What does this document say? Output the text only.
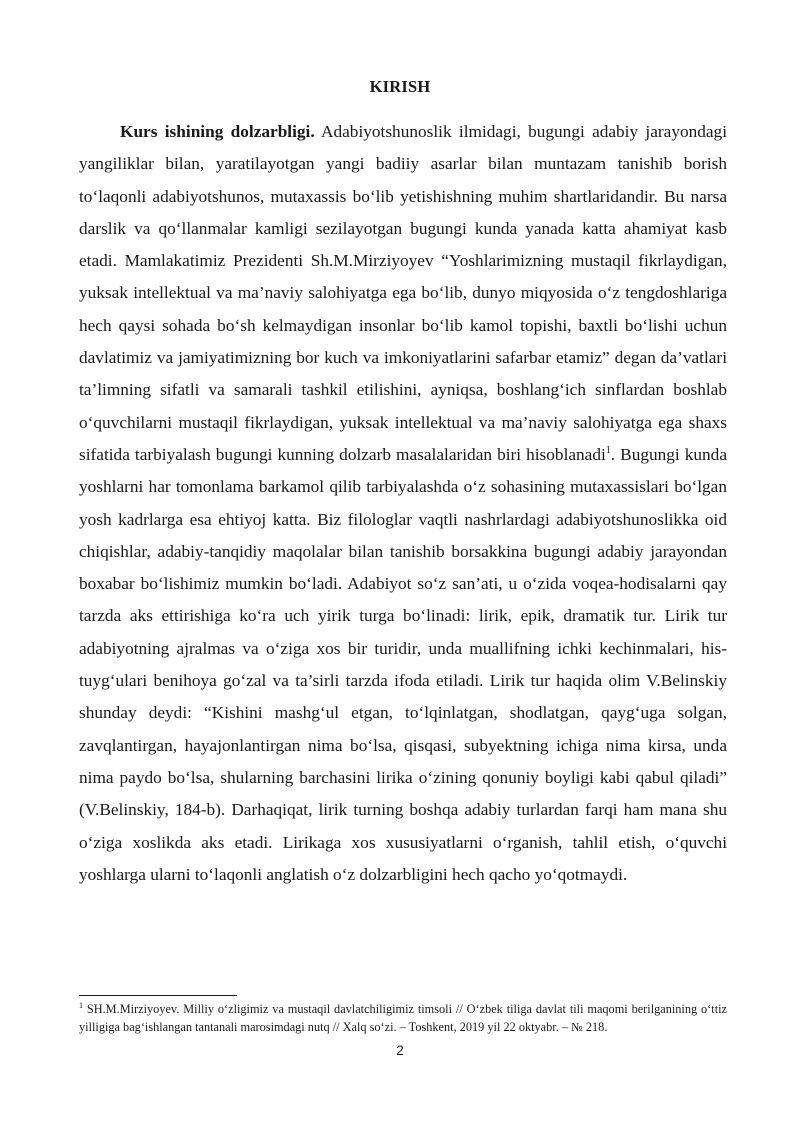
KIRISH

Kurs ishining dolzarbligi. Adabiyotshunoslik ilmidagi, bugungi adabiy jarayondagi yangiliklar bilan, yaratilayotgan yangi badiiy asarlar bilan muntazam tanishib borish to‘laqonli adabiyotshunos, mutaxassis bo‘lib yetishishning muhim shartlaridandir. Bu narsa darslik va qo‘llanmalar kamligi sezilayotgan bugungi kunda yanada katta ahamiyat kasb etadi. Mamlakatimiz Prezidenti Sh.M.Mirziyoyev “Yoshlarimizning mustaqil fikrlaydigan, yuksak intellektual va ma’naviy salohiyatga ega bo‘lib, dunyo miqyosida o‘z tengdoshlariga hech qaysi sohada bo‘sh kelmaydigan insonlar bo‘lib kamol topishi, baxtli bo‘lishi uchun davlatimiz va jamiyatimizning bor kuch va imkoniyatlarini safarbar etamiz” degan da’vatlari ta’limning sifatli va samarali tashkil etilishini, ayniqsa, boshlang‘ich sinflardan boshlab o‘quvchilarni mustaqil fikrlaydigan, yuksak intellektual va ma’naviy salohiyatga ega shaxs sifatida tarbiyalash bugungi kunning dolzarb masalalaridan biri hisoblanadi$^1$. Bugungi kunda yoshlarni har tomonlama barkamol qilib tarbiyalashda o‘z sohasining mutaxassislari bo‘lgan yosh kadrlarga esa ehtiyoj katta. Biz filologlar vaqtli nashrlardagi adabiyotshunoslikka oid chiqishlar, adabiy-tanqidiy maqolalar bilan tanishib borsakkina bugungi adabiy jarayondan boxabar bo‘lishimiz mumkin bo‘ladi. Adabiyot so‘z san’ati, u o‘zida voqea-hodisalarni qay tarzda aks ettirishiga ko‘ra uch yirik turga bo‘linadi: lirik, epik, dramatik tur. Lirik tur adabiyotning ajralmas va o‘ziga xos bir turidir, unda muallifning ichki kechinmalari, his-tuyg‘ulari benihoya go‘zal va ta’sirli tarzda ifoda etiladi. Lirik tur haqida olim V.Belinskiy shunday deydi: “Kishini mashg‘ul etgan, to‘lqinlatgan, shodlatgan, qayg‘uga solgan, zavqlantirgan, hayajonlantirgan nima bo‘lsa, qisqasi, subyektning ichiga nima kirsa, unda nima paydo bo‘lsa, shularning barchasini lirika o‘zining qonuniy boyligi kabi qabul qiladi” (V.Belinskiy, 184-b). Darhaqiqat, lirik turning boshqa adabiy turlardan farqi ham mana shu o‘ziga xoslikda aks etadi. Lirikaga xos xususiyatlarni o‘rganish, tahlil etish, o‘quvchi yoshlarga ularni to‘laqonli anglatish o‘z dolzarbligini hech qacho yo‘qotmaydi.

$^1$ SH.M.Mirziyoyev. Milliy o‘zligimiz va mustaqil davlatchiligimiz timsoli // O‘zbek tiliga davlat tili maqomi berilganining o‘ttiz yilligiga bag‘ishlangan tantanali marosimdagi nutq // Xalq so‘zi. – Toshkent, 2019 yil 22 oktyabr. – № 218.

2
